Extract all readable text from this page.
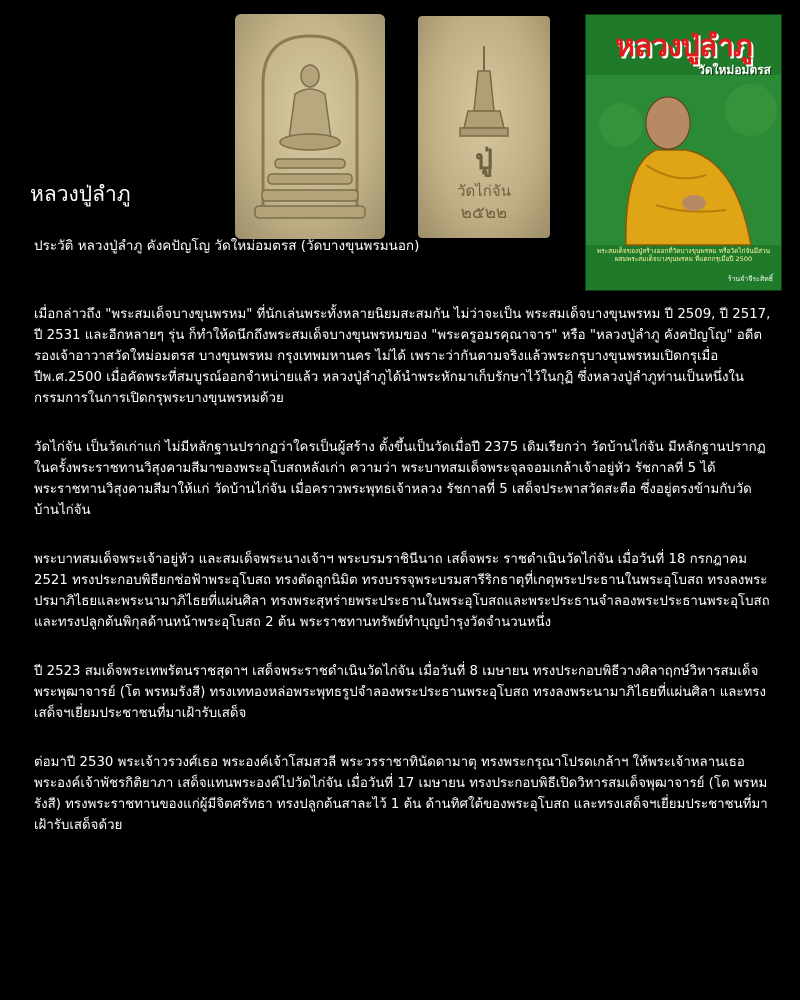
ปู่
วัดไก่จัน
๒๕๒๒
หลวงปู่ลำภู
วัดใหม่อมตรส
พระสมเด็จของปู่สร้างออกที่วัดบางขุนพรหม หรือวัดไก่จันมีส่วนผสมพระสมเด็จบางขุนพรหม ที่แตกกรุเมื่อปี 2500
ร้านจำจีระสิทธิ์
หลวงปู่ลำภู

ประวัติ หลวงปู่ลำภู คังคปัญโญ วัดใหม่อมตรส (วัดบางขุนพรมนอก)

เมื่อกล่าวถึง "พระสมเด็จบางขุนพรหม" ที่นักเล่นพระทั้งหลายนิยมสะสมกัน ไม่ว่าจะเป็น พระสมเด็จบางขุนพรหม ปี 2509, ปี 2517, ปี 2531 และอีกหลายๆ รุ่น ก็ทำให้ดนึกถึงพระสมเด็จบางขุนพรหมของ "พระครูอมรคุณาจาร" หรือ "หลวงปู่ลำภู คังคปัญโญ" อดีตรองเจ้าอาวาสวัดใหม่อมตรส บางขุนพรหม กรุงเทพมหานคร ไม่ได้ เพราะว่ากันตามจริงแล้วพระกรุบางขุนพรหมเปิดกรุเมื่อปีพ.ศ.2500 เมื่อคัดพระที่สมบูรณ์ออกจำหน่ายแล้ว หลวงปู่ลำภูได้นำพระหักมาเก็บรักษาไว้ในกุฏิ ซึ่งหลวงปู่ลำภูท่านเป็นหนึ่งในกรรมการในการเปิดกรุพระบางขุนพรหมด้วย

วัดไก่จัน เป็นวัดเก่าแก่ ไม่มีหลักฐานปรากฏว่าใครเป็นผู้สร้าง ตั้งขึ้นเป็นวัดเมื่อปี 2375 เดิมเรียกว่า วัดบ้านไก่จัน มีหลักฐานปรากฏในครั้งพระราชทานวิสุงคามสีมาของพระอุโบสถหลังเก่า ความว่า พระบาทสมเด็จพระจุลจอมเกล้าเจ้าอยู่หัว รัชกาลที่ 5 ได้พระราชทานวิสุงคามสีมาให้แก่ วัดบ้านไก่จัน เมื่อคราวพระพุทธเจ้าหลวง รัชกาลที่ 5 เสด็จประพาสวัดสะตือ ซึ่งอยู่ตรงข้ามกับวัดบ้านไก่จัน

พระบาทสมเด็จพระเจ้าอยู่หัว และสมเด็จพระนางเจ้าฯ พระบรมราชินีนาถ เสด็จพระ ราชดำเนินวัดไก่จัน เมื่อวันที่ 18 กรกฎาคม 2521 ทรงประกอบพิธียกช่อฟ้าพระอุโบสถ ทรงตัดลูกนิมิต ทรงบรรจุพระบรมสารีริกธาตุที่เกตุพระประธานในพระอุโบสถ ทรงลงพระปรมาภิไธยและพระนามาภิไธยที่แผ่นศิลา ทรงพระสุหร่ายพระประธานในพระอุโบสถและพระประธานจำลองพระประธานพระอุโบสถ และทรงปลูกต้นพิกุลด้านหน้าพระอุโบสถ 2 ต้น พระราชทานทรัพย์ทำบุญบำรุงวัดจำนวนหนึ่ง

ปี 2523 สมเด็จพระเทพรัตนราชสุดาฯ เสด็จพระราชดำเนินวัดไก่จัน เมื่อวันที่ 8 เมษายน ทรงประกอบพิธีวางศิลาฤกษ์วิหารสมเด็จพระพุฒาจารย์ (โต พรหมรังสี) ทรงเททองหล่อพระพุทธรูปจำลองพระประธานพระอุโบสถ ทรงลงพระนามาภิไธยที่แผ่นศิลา และทรงเสด็จฯเยี่ยมประชาชนที่มาเฝ้ารับเสด็จ

ต่อมาปี 2530 พระเจ้าวรวงศ์เธอ พระองค์เจ้าโสมสวลี พระวรราชาทินัดดามาตุ ทรงพระกรุณาโปรดเกล้าฯ ให้พระเจ้าหลานเธอ พระองค์เจ้าพัชรกิติยาภา เสด็จแทนพระองค์ไปวัดไก่จัน เมื่อวันที่ 17 เมษายน ทรงประกอบพิธีเปิดวิหารสมเด็จพุฒาจารย์ (โต พรหมรังสี) ทรงพระราชทานของแก่ผู้มีจิตศรัทธา ทรงปลูกต้นสาละไว้ 1 ต้น ด้านทิศใต้ของพระอุโบสถ และทรงเสด็จฯเยี่ยมประชาชนที่มาเฝ้ารับเสด็จด้วย
